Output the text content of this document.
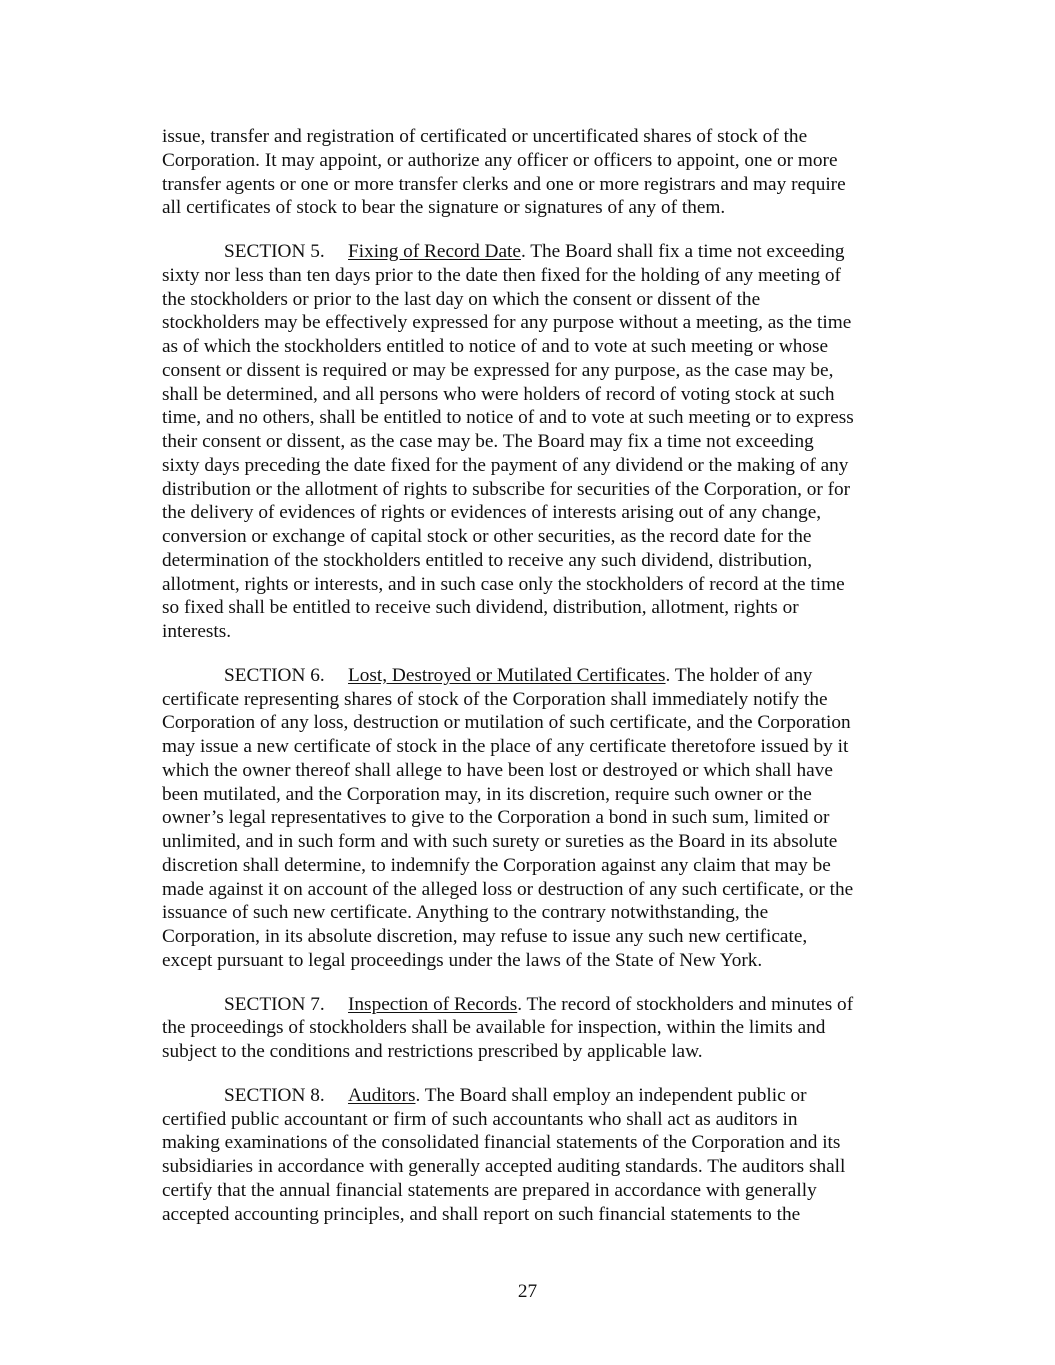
issue, transfer and registration of certificated or uncertificated shares of stock of the
Corporation. It may appoint, or authorize any officer or officers to appoint, one or more
transfer agents or one or more transfer clerks and one or more registrars and may require
all certificates of stock to bear the signature or signatures of any of them.
SECTION 5. Fixing of Record Date. The Board shall fix a time not exceeding
sixty nor less than ten days prior to the date then fixed for the holding of any meeting of
the stockholders or prior to the last day on which the consent or dissent of the
stockholders may be effectively expressed for any purpose without a meeting, as the time
as of which the stockholders entitled to notice of and to vote at such meeting or whose
consent or dissent is required or may be expressed for any purpose, as the case may be,
shall be determined, and all persons who were holders of record of voting stock at such
time, and no others, shall be entitled to notice of and to vote at such meeting or to express
their consent or dissent, as the case may be. The Board may fix a time not exceeding
sixty days preceding the date fixed for the payment of any dividend or the making of any
distribution or the allotment of rights to subscribe for securities of the Corporation, or for
the delivery of evidences of rights or evidences of interests arising out of any change,
conversion or exchange of capital stock or other securities, as the record date for the
determination of the stockholders entitled to receive any such dividend, distribution,
allotment, rights or interests, and in such case only the stockholders of record at the time
so fixed shall be entitled to receive such dividend, distribution, allotment, rights or
interests.
SECTION 6. Lost, Destroyed or Mutilated Certificates. The holder of any
certificate representing shares of stock of the Corporation shall immediately notify the
Corporation of any loss, destruction or mutilation of such certificate, and the Corporation
may issue a new certificate of stock in the place of any certificate theretofore issued by it
which the owner thereof shall allege to have been lost or destroyed or which shall have
been mutilated, and the Corporation may, in its discretion, require such owner or the
owner’s legal representatives to give to the Corporation a bond in such sum, limited or
unlimited, and in such form and with such surety or sureties as the Board in its absolute
discretion shall determine, to indemnify the Corporation against any claim that may be
made against it on account of the alleged loss or destruction of any such certificate, or the
issuance of such new certificate. Anything to the contrary notwithstanding, the
Corporation, in its absolute discretion, may refuse to issue any such new certificate,
except pursuant to legal proceedings under the laws of the State of New York.
SECTION 7. Inspection of Records. The record of stockholders and minutes of
the proceedings of stockholders shall be available for inspection, within the limits and
subject to the conditions and restrictions prescribed by applicable law.
SECTION 8. Auditors. The Board shall employ an independent public or
certified public accountant or firm of such accountants who shall act as auditors in
making examinations of the consolidated financial statements of the Corporation and its
subsidiaries in accordance with generally accepted auditing standards. The auditors shall
certify that the annual financial statements are prepared in accordance with generally
accepted accounting principles, and shall report on such financial statements to the
27
